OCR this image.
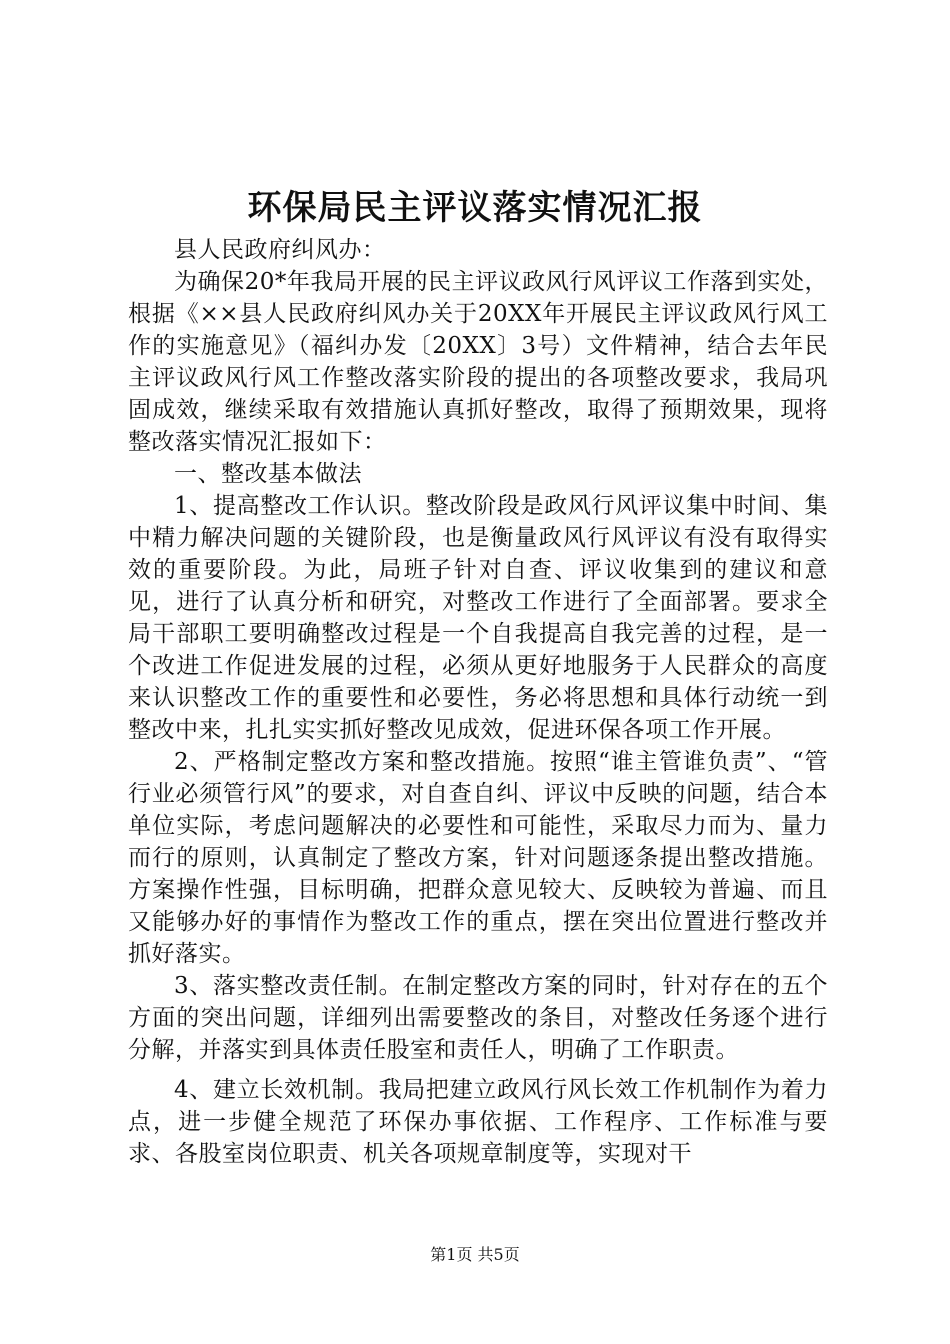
环保局民主评议落实情况汇报

县人民政府纠风办：

为确保20*年我局开展的民主评议政风行风评议工作落到实处，根据《××县人民政府纠风办关于20XX年开展民主评议政风行风工作的实施意见》（福纠办发〔20XX〕3号）文件精神，结合去年民主评议政风行风工作整改落实阶段的提出的各项整改要求，我局巩固成效，继续采取有效措施认真抓好整改，取得了预期效果，现将整改落实情况汇报如下：

一、整改基本做法

1、提高整改工作认识。整改阶段是政风行风评议集中时间、集中精力解决问题的关键阶段，也是衡量政风行风评议有没有取得实效的重要阶段。为此，局班子针对自查、评议收集到的建议和意见，进行了认真分析和研究，对整改工作进行了全面部署。要求全局干部职工要明确整改过程是一个自我提高自我完善的过程，是一个改进工作促进发展的过程，必须从更好地服务于人民群众的高度来认识整改工作的重要性和必要性，务必将思想和具体行动统一到整改中来，扎扎实实抓好整改见成效，促进环保各项工作开展。

2、严格制定整改方案和整改措施。按照“谁主管谁负责”、“管行业必须管行风”的要求，对自查自纠、评议中反映的问题，结合本单位实际，考虑问题解决的必要性和可能性，采取尽力而为、量力而行的原则，认真制定了整改方案，针对问题逐条提出整改措施。方案操作性强，目标明确，把群众意见较大、反映较为普遍、而且又能够办好的事情作为整改工作的重点，摆在突出位置进行整改并抓好落实。

3、落实整改责任制。在制定整改方案的同时，针对存在的五个方面的突出问题，详细列出需要整改的条目，对整改任务逐个进行分解，并落实到具体责任股室和责任人，明确了工作职责。

4、建立长效机制。我局把建立政风行风长效工作机制作为着力点，进一步健全规范了环保办事依据、工作程序、工作标准与要求、各股室岗位职责、机关各项规章制度等，实现对干

第1页 共5页
